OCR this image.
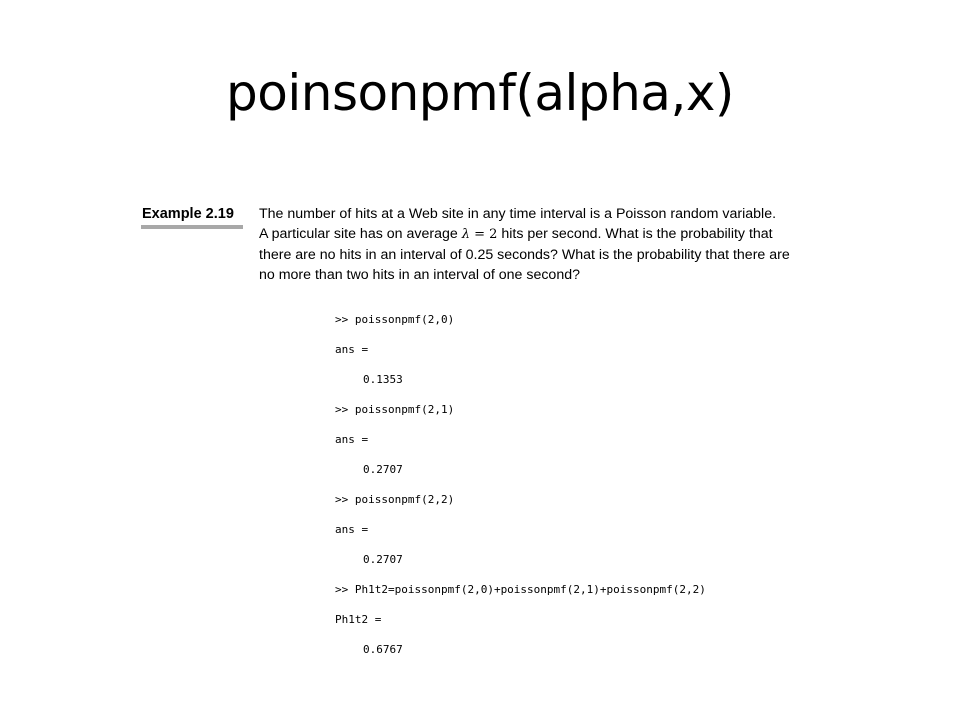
poinsonpmf(alpha,x)
Example 2.19 The number of hits at a Web site in any time interval is a Poisson random variable.
A particular site has on average λ = 2 hits per second. What is the probability that
there are no hits in an interval of 0.25 seconds? What is the probability that there are
no more than two hits in an interval of one second?
>> poissonpmf(2,0)
ans =
0.1353
>> poissonpmf(2,1)
ans =
0.2707
>> poissonpmf(2,2)
ans =
0.2707
>> Ph1t2=poissonpmf(2,0)+poissonpmf(2,1)+poissonpmf(2,2)
Ph1t2 =
0.6767
